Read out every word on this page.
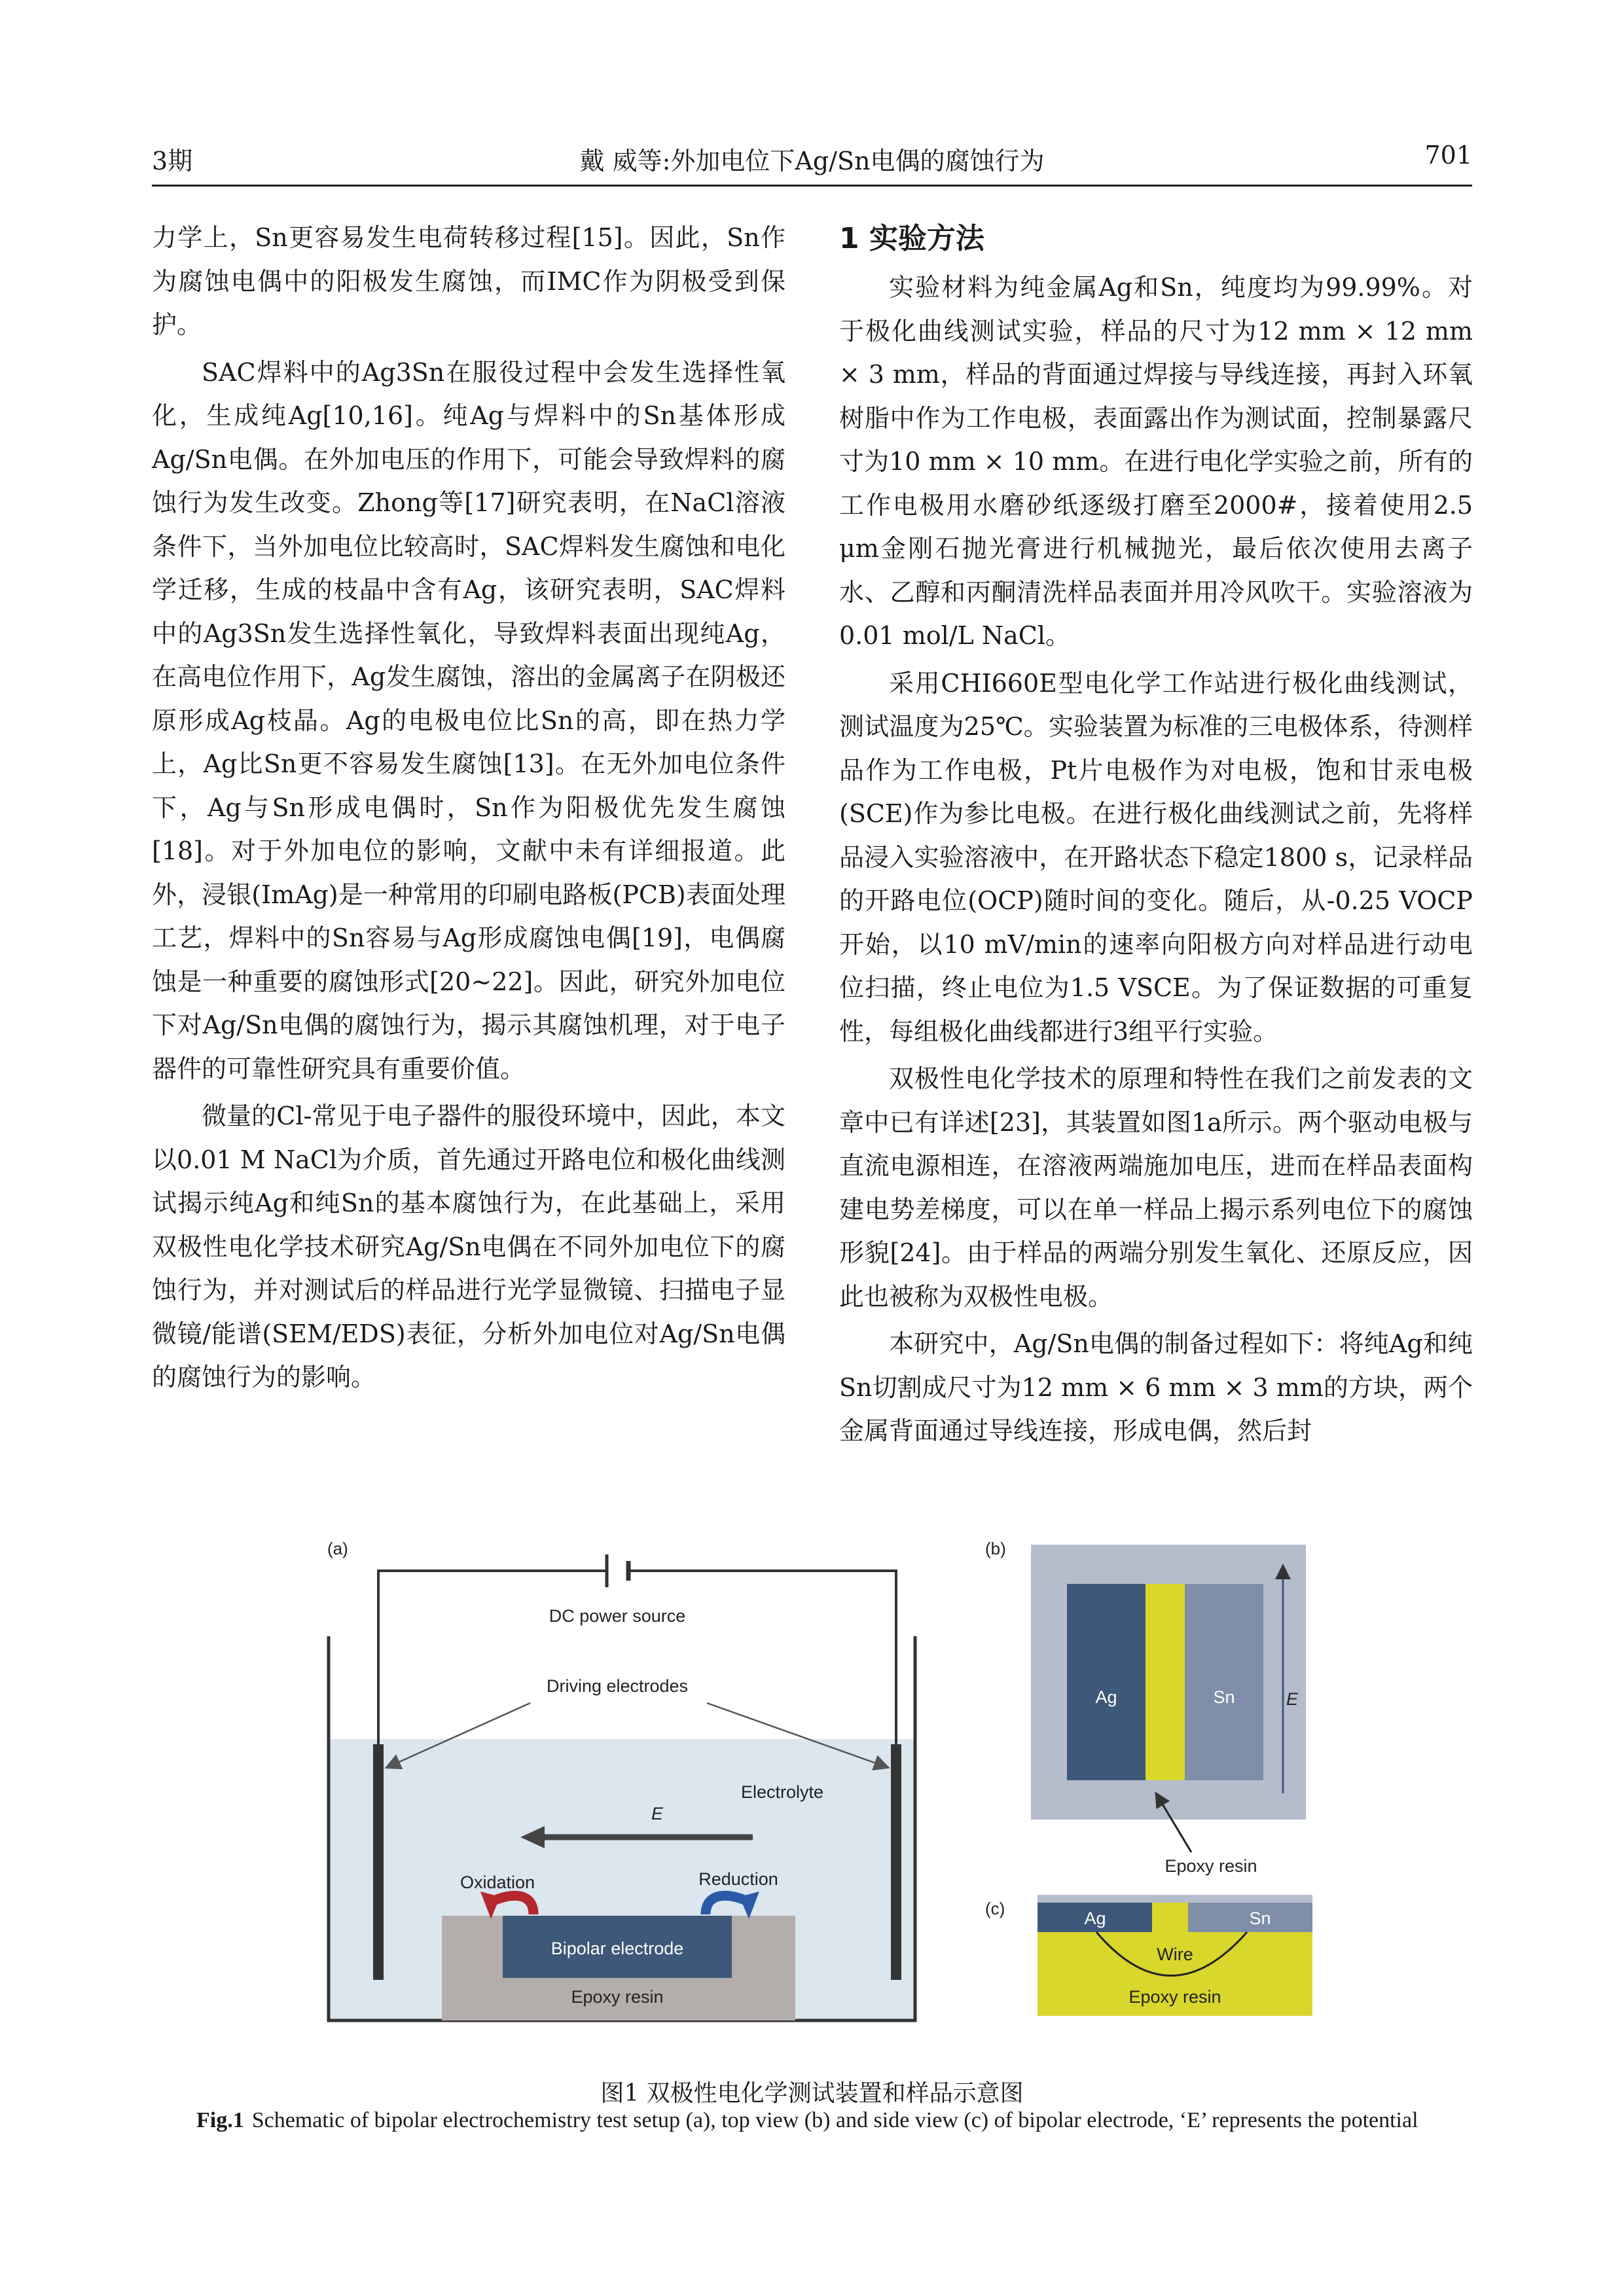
3期	戴 威等:外加电位下Ag/Sn电偶的腐蚀行为	701

力学上，Sn更容易发生电荷转移过程[15]。因此，Sn作为腐蚀电偶中的阳极发生腐蚀，而IMC作为阴极受到保护。

SAC焊料中的Ag3Sn在服役过程中会发生选择性氧化，生成纯Ag[10,16]。纯Ag与焊料中的Sn基体形成Ag/Sn电偶。在外加电压的作用下，可能会导致焊料的腐蚀行为发生改变。Zhong等[17]研究表明，在NaCl溶液条件下，当外加电位比较高时，SAC焊料发生腐蚀和电化学迁移，生成的枝晶中含有Ag，该研究表明，SAC焊料中的Ag3Sn发生选择性氧化，导致焊料表面出现纯Ag，在高电位作用下，Ag发生腐蚀，溶出的金属离子在阴极还原形成Ag枝晶。Ag的电极电位比Sn的高，即在热力学上，Ag比Sn更不容易发生腐蚀[13]。在无外加电位条件下，Ag与Sn形成电偶时，Sn作为阳极优先发生腐蚀[18]。对于外加电位的影响，文献中未有详细报道。此外，浸银(ImAg)是一种常用的印刷电路板(PCB)表面处理工艺，焊料中的Sn容易与Ag形成腐蚀电偶[19]，电偶腐蚀是一种重要的腐蚀形式[20~22]。因此，研究外加电位下对Ag/Sn电偶的腐蚀行为，揭示其腐蚀机理，对于电子器件的可靠性研究具有重要价值。

微量的Cl-常见于电子器件的服役环境中，因此，本文以0.01 M NaCl为介质，首先通过开路电位和极化曲线测试揭示纯Ag和纯Sn的基本腐蚀行为，在此基础上，采用双极性电化学技术研究Ag/Sn电偶在不同外加电位下的腐蚀行为，并对测试后的样品进行光学显微镜、扫描电子显微镜/能谱(SEM/EDS)表征，分析外加电位对Ag/Sn电偶的腐蚀行为的影响。

1 实验方法

实验材料为纯金属Ag和Sn，纯度均为99.99%。对于极化曲线测试实验，样品的尺寸为12 mm × 12 mm × 3 mm，样品的背面通过焊接与导线连接，再封入环氧树脂中作为工作电极，表面露出作为测试面，控制暴露尺寸为10 mm × 10 mm。在进行电化学实验之前，所有的工作电极用水磨砂纸逐级打磨至2000#，接着使用2.5 μm金刚石抛光膏进行机械抛光，最后依次使用去离子水、乙醇和丙酮清洗样品表面并用冷风吹干。实验溶液为0.01 mol/L NaCl。

采用CHI660E型电化学工作站进行极化曲线测试，测试温度为25℃。实验装置为标准的三电极体系，待测样品作为工作电极，Pt片电极作为对电极，饱和甘汞电极(SCE)作为参比电极。在进行极化曲线测试之前，先将样品浸入实验溶液中，在开路状态下稳定1800 s，记录样品的开路电位(OCP)随时间的变化。随后，从-0.25 VOCP开始，以10 mV/min的速率向阳极方向对样品进行动电位扫描，终止电位为1.5 VSCE。为了保证数据的可重复性，每组极化曲线都进行3组平行实验。

双极性电化学技术的原理和特性在我们之前发表的文章中已有详述[23]，其装置如图1a所示。两个驱动电极与直流电源相连，在溶液两端施加电压，进而在样品表面构建电势差梯度，可以在单一样品上揭示系列电位下的腐蚀形貌[24]。由于样品的两端分别发生氧化、还原反应，因此也被称为双极性电极。

本研究中，Ag/Sn电偶的制备过程如下：将纯Ag和纯Sn切割成尺寸为12 mm × 6 mm × 3 mm的方块，两个金属背面通过导线连接，形成电偶，然后封

(a)
Bipolar electrode
Epoxy resin
DC power source
Driving electrodes
E
Electrolyte
Oxidation	Reduction
(b)
Ag	Sn	E
Epoxy resin
(c)	Ag	Sn
Wire
Epoxy resin
图1 双极性电化学测试装置和样品示意图
Fig.1 Schematic of bipolar electrochemistry test setup (a), top view (b) and side view (c) of bipolar electrode, ‘E’ represents the potential
